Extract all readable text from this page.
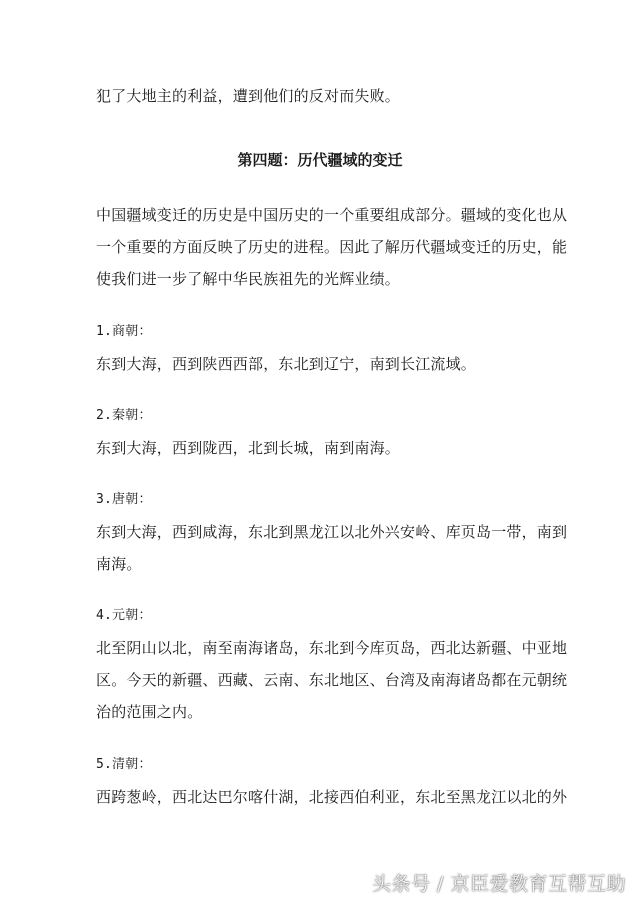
犯了大地主的利益，遭到他们的反对而失败。
第四题：历代疆域的变迁
中国疆域变迁的历史是中国历史的一个重要组成部分。疆域的变化也从
一个重要的方面反映了历史的进程。因此了解历代疆域变迁的历史，能
使我们进一步了解中华民族祖先的光辉业绩。
1.商朝：
东到大海，西到陕西西部，东北到辽宁，南到长江流域。
2.秦朝：
东到大海，西到陇西，北到长城，南到南海。
3.唐朝：
东到大海，西到咸海，东北到黑龙江以北外兴安岭、库页岛一带，南到
南海。
4.元朝：
北至阴山以北，南至南海诸岛，东北到今库页岛，西北达新疆、中亚地
区。今天的新疆、西藏、云南、东北地区、台湾及南海诸岛都在元朝统
治的范围之内。
5.清朝：
西跨葱岭，西北达巴尔喀什湖，北接西伯利亚，东北至黑龙江以北的外
头条号 / 京臣爱教育互帮互助
